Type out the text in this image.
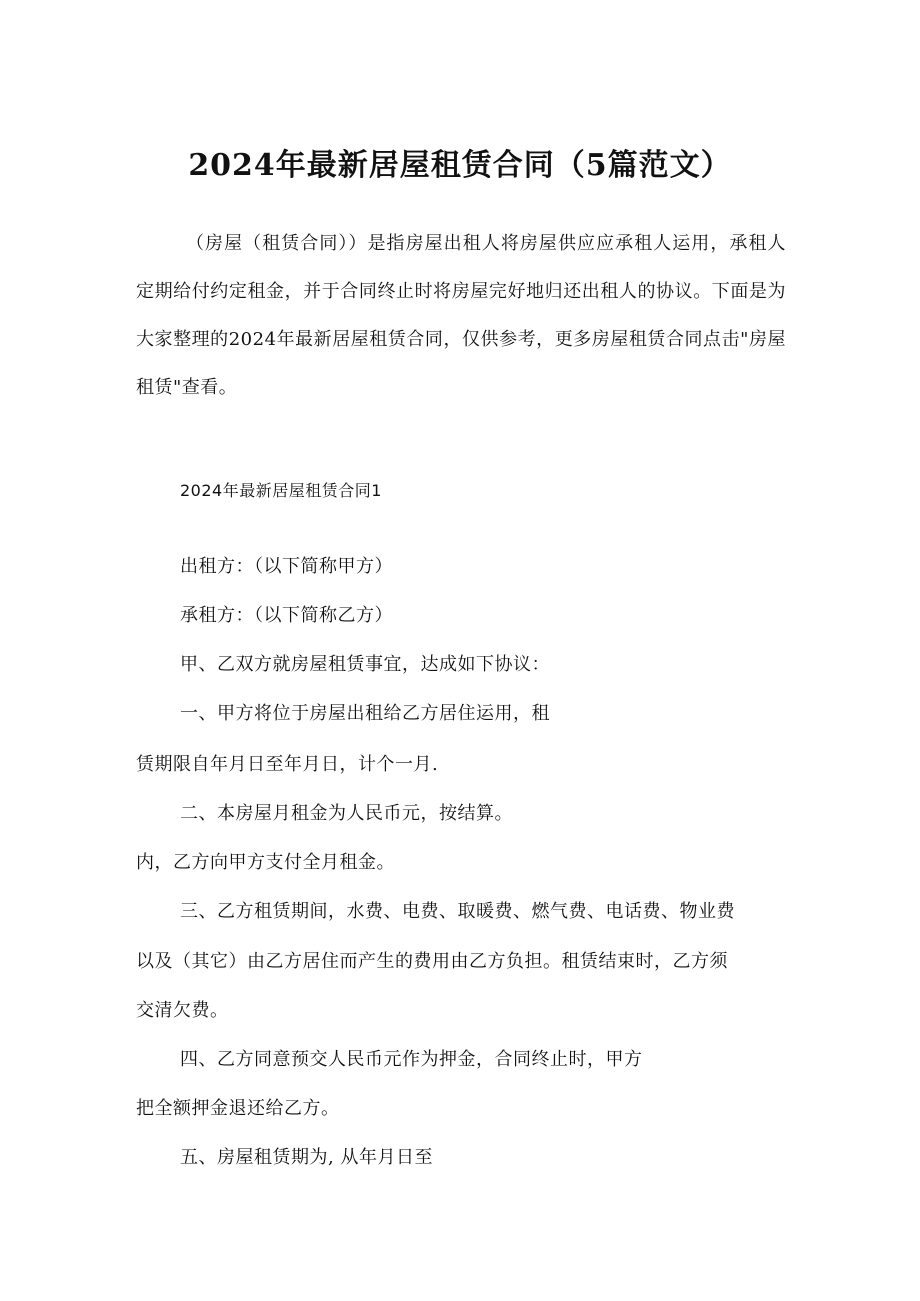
2024年最新居屋租赁合同（5篇范文）
（房屋（租赁合同））是指房屋出租人将房屋供应应承租人运用，承租人定期给付约定租金，并于合同终止时将房屋完好地归还出租人的协议。下面是为大家整理的2024年最新居屋租赁合同，仅供参考，更多房屋租赁合同点击"房屋租赁"查看。
2024年最新居屋租赁合同1
出租方：（以下简称甲方）
承租方：（以下简称乙方）
甲、乙双方就房屋租赁事宜，达成如下协议：
一、甲方将位于房屋出租给乙方居住运用，租
赁期限自年月日至年月日，计个一月.
二、本房屋月租金为人民币元，按结算。
内，乙方向甲方支付全月租金。
三、乙方租赁期间，水费、电费、取暖费、燃气费、电话费、物业费
以及（其它）由乙方居住而产生的费用由乙方负担。租赁结束时，乙方须
交清欠费。
四、乙方同意预交人民币元作为押金，合同终止时，甲方
把全额押金退还给乙方。
五、房屋租赁期为, 从年月日至
